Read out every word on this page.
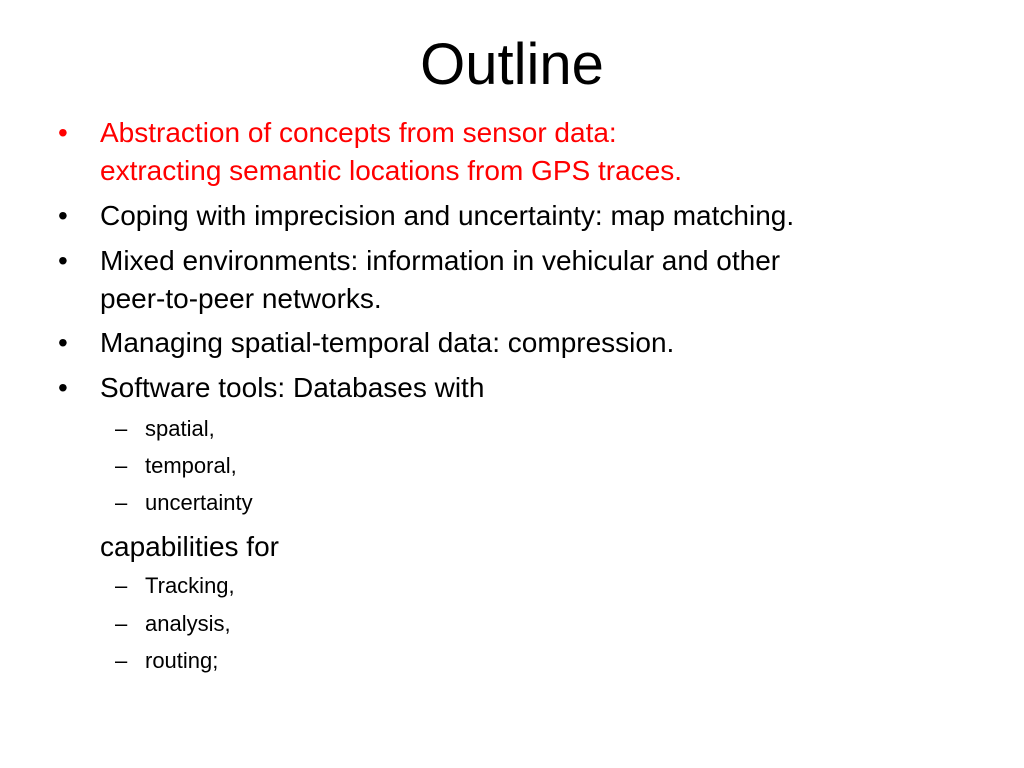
Outline
• Abstraction of concepts from sensor data:
extracting semantic locations from GPS traces.
• Coping with imprecision and uncertainty: map matching.
• Mixed environments: information in vehicular and other
peer-to-peer networks.
• Managing spatial-temporal data: compression.
• Software tools: Databases with
– spatial,
– temporal,
– uncertainty
capabilities for
– Tracking,
– analysis,
– routing;
